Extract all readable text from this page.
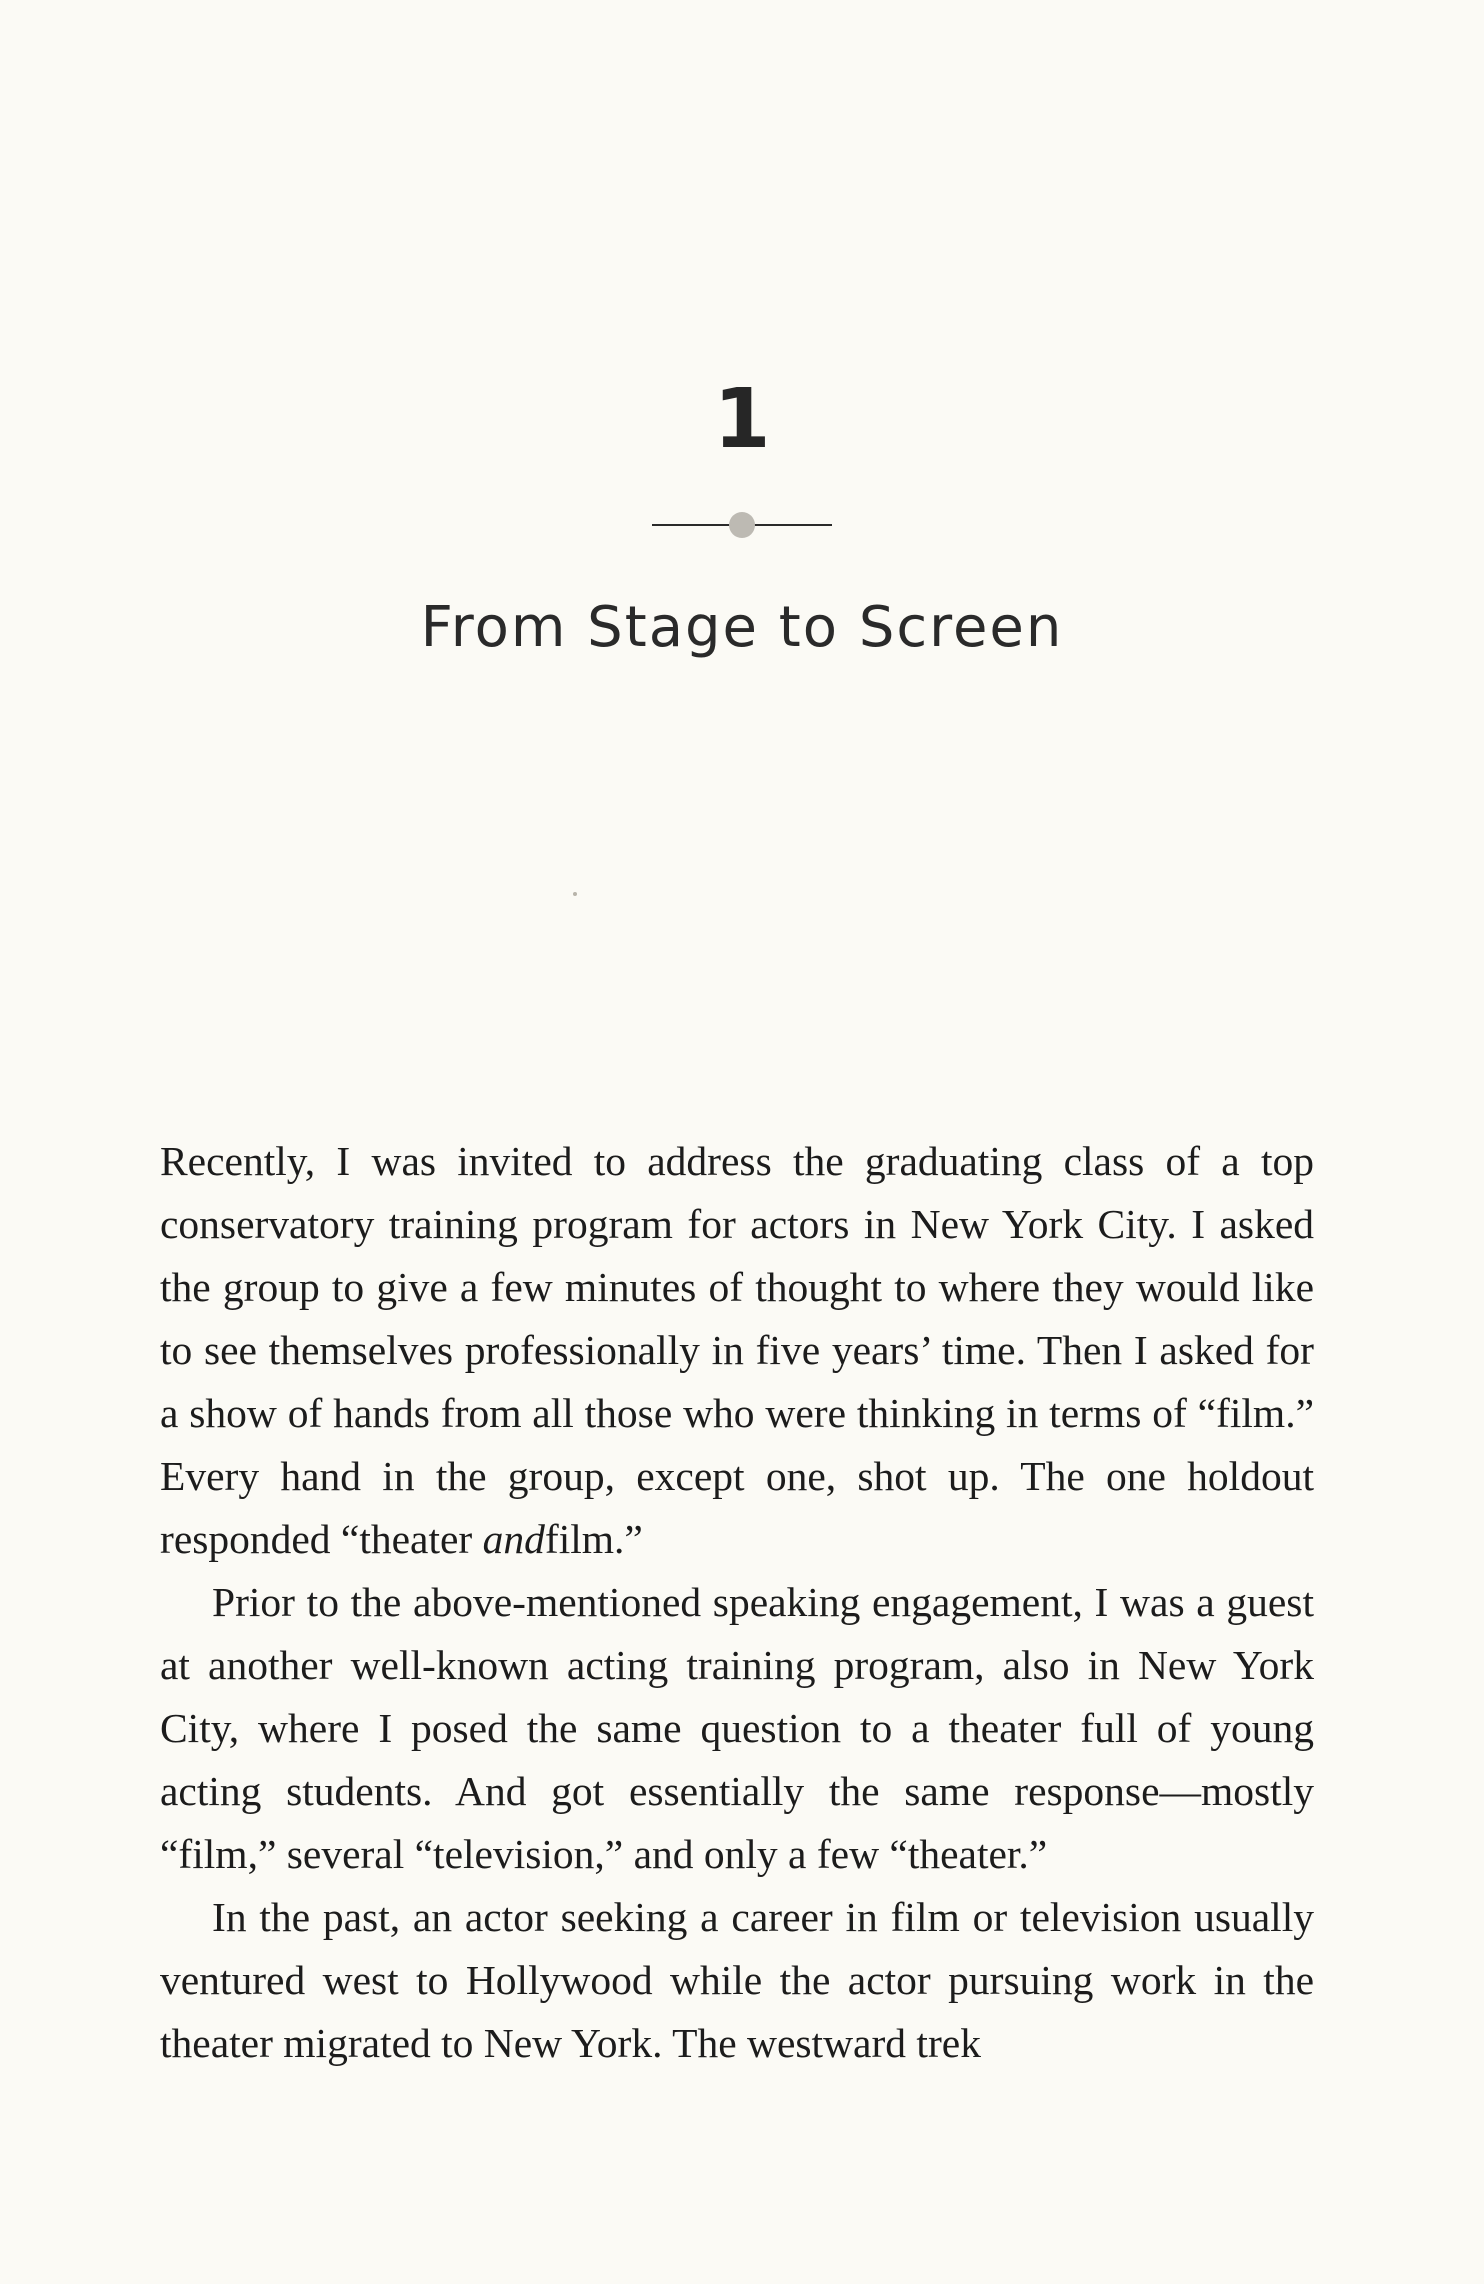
1
From Stage to Screen

Recently, I was invited to address the graduating class of a top conservatory training program for actors in New York City. I asked the group to give a few minutes of thought to where they would like to see themselves professionally in five years’ time. Then I asked for a show of hands from all those who were thinking in terms of “film.” Every hand in the group, except one, shot up. The one holdout responded “theater andfilm.”

Prior to the above-mentioned speaking engagement, I was a guest at another well-known acting training program, also in New York City, where I posed the same question to a theater full of young acting students. And got essentially the same response—mostly “film,” several “television,” and only a few “theater.”

In the past, an actor seeking a career in film or television usually ventured west to Hollywood while the actor pursuing work in the theater migrated to New York. The westward trek
